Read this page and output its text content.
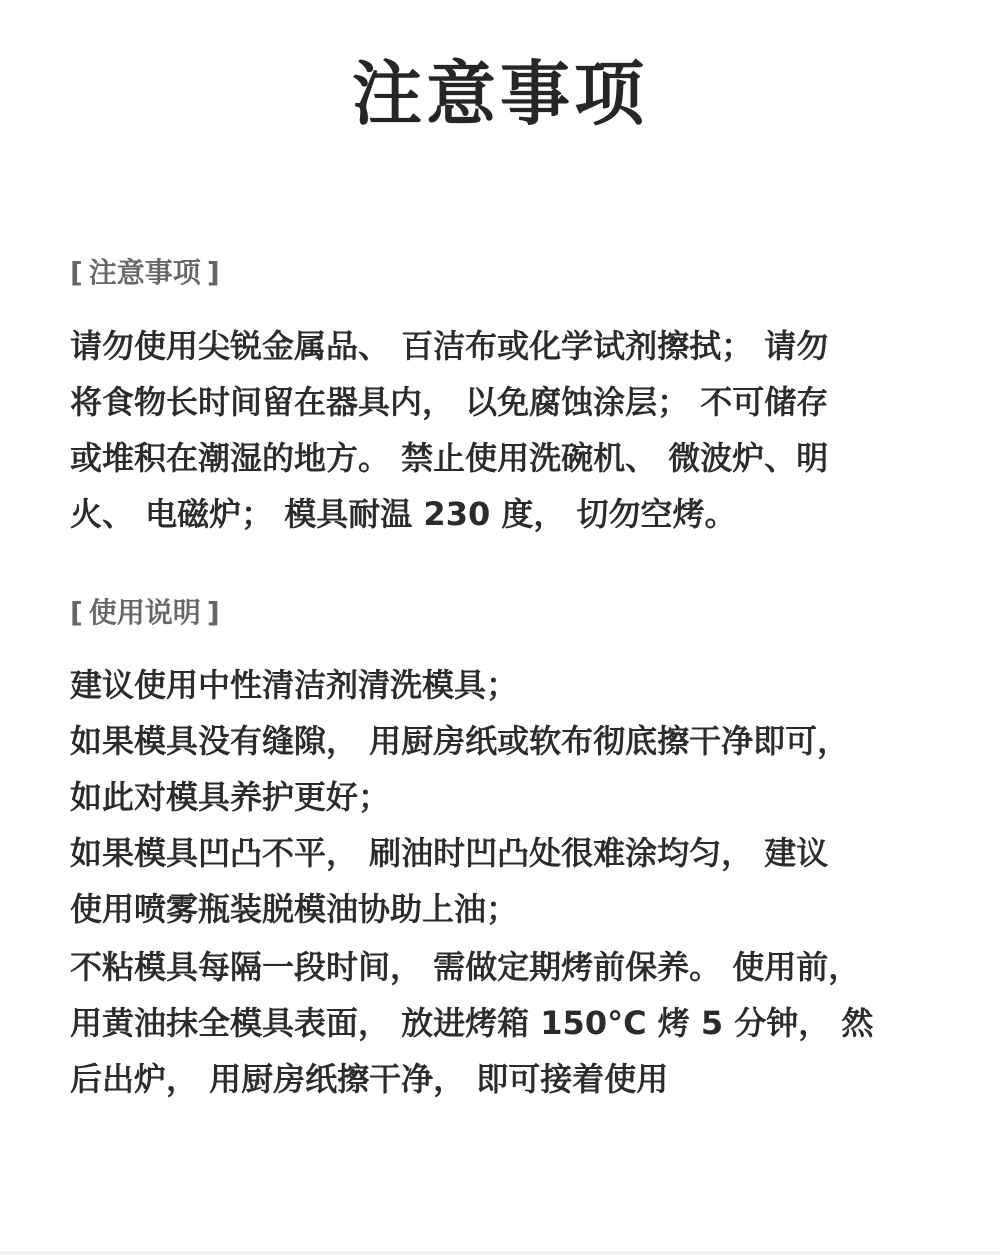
注意事项
[ 注意事项 ]
请勿使用尖锐金属品、 百洁布或化学试剂擦拭； 请勿
将食物长时间留在器具内， 以免腐蚀涂层； 不可储存
或堆积在潮湿的地方。 禁止使用洗碗机、 微波炉、明
火、 电磁炉； 模具耐温 230 度， 切勿空烤。
[ 使用说明 ]
建议使用中性清洁剂清洗模具；
如果模具没有缝隙， 用厨房纸或软布彻底擦干净即可，
如此对模具养护更好；
如果模具凹凸不平， 刷油时凹凸处很难涂均匀， 建议
使用喷雾瓶装脱模油协助上油；
不粘模具每隔一段时间， 需做定期烤前保养。 使用前，
用黄油抹全模具表面， 放进烤箱 150°C 烤 5 分钟， 然
后出炉， 用厨房纸擦干净， 即可接着使用
